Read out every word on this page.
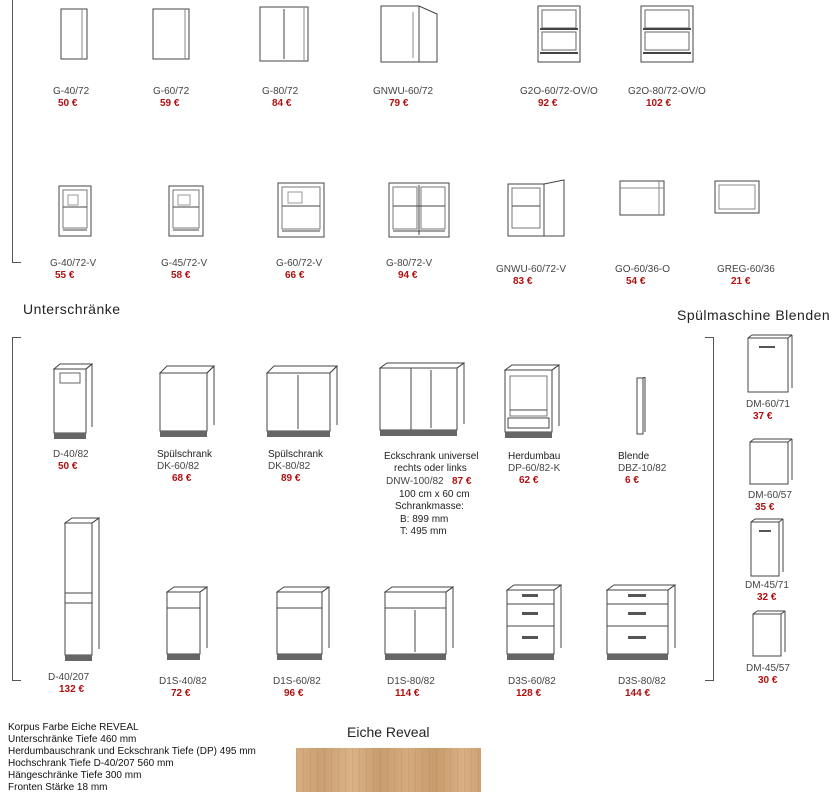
Unterschränke	Spülmaschine Blenden
G-40/72
50 €
G-60/72
59 €
G-80/72
84 €
GNWU-60/72
79 €
G2O-60/72-OV/O
92 €
G2O-80/72-OV/O
102 €
G-40/72-V
55 €
G-45/72-V
58 €
G-60/72-V
66 €
G-80/72-V
94 €
GNWU-60/72-V
83 €
GO-60/36-O
54 €
GREG-60/36
21 €
D-40/82
50 €
Spülschrank
DK-60/82
68 €
Spülschrank
DK-80/82
89 €
Eckschrank universel
rechts oder links
DNW-100/82 87 €
100 cm x 60 cm
Schrankmasse:
B: 899 mm
T: 495 mm
Herdumbau
DP-60/82-K
62 €
Blende
DBZ-10/82
6 €
D-40/207
132 €
D1S-40/82
72 €
D1S-60/82
96 €
D1S-80/82
114 €
D3S-60/82
128 €
D3S-80/82
144 €
DM-60/71
37 €
DM-60/57
35 €
DM-45/71
32 €
DM-45/57
30 €
Korpus Farbe Eiche REVEAL
Unterschränke Tiefe 460 mm
Herdumbauschrank und Eckschrank Tiefe (DP) 495 mm
Hochschrank Tiefe D-40/207 560 mm
Hängeschränke Tiefe 300 mm
Fronten Stärke 18 mm
Eiche Reveal
